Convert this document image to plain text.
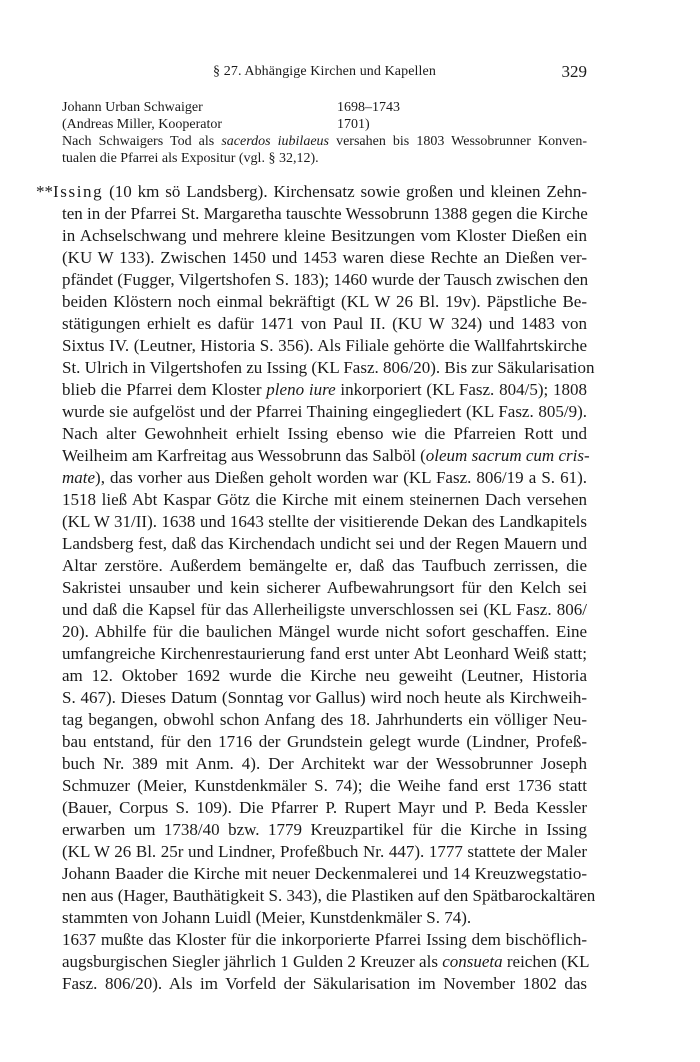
§ 27. Abhängige Kirchen und Kapellen	329
Johann Urban Schwaiger	1698–1743
(Andreas Miller, Kooperator	1701)
Nach Schwaigers Tod als sacerdos iubilaeus versahen bis 1803 Wessobrunner Konven-
tualen die Pfarrei als Expositur (vgl. § 32,12).
**Issing (10 km sö Landsberg). Kirchensatz sowie großen und kleinen Zehn-
ten in der Pfarrei St. Margaretha tauschte Wessobrunn 1388 gegen die Kirche
in Achselschwang und mehrere kleine Besitzungen vom Kloster Dießen ein
(KU W 133). Zwischen 1450 und 1453 waren diese Rechte an Dießen ver-
pfändet (Fugger, Vilgertshofen S. 183); 1460 wurde der Tausch zwischen den
beiden Klöstern noch einmal bekräftigt (KL W 26 Bl. 19v). Päpstliche Be-
stätigungen erhielt es dafür 1471 von Paul II. (KU W 324) und 1483 von
Sixtus IV. (Leutner, Historia S. 356). Als Filiale gehörte die Wallfahrtskirche
St. Ulrich in Vilgertshofen zu Issing (KL Fasz. 806/20). Bis zur Säkularisation
blieb die Pfarrei dem Kloster pleno iure inkorporiert (KL Fasz. 804/5); 1808
wurde sie aufgelöst und der Pfarrei Thaining eingegliedert (KL Fasz. 805/9).
Nach alter Gewohnheit erhielt Issing ebenso wie die Pfarreien Rott und
Weilheim am Karfreitag aus Wessobrunn das Salböl (oleum sacrum cum cris-
mate), das vorher aus Dießen geholt worden war (KL Fasz. 806/19 a S. 61).
1518 ließ Abt Kaspar Götz die Kirche mit einem steinernen Dach versehen
(KL W 31/II). 1638 und 1643 stellte der visitierende Dekan des Landkapitels
Landsberg fest, daß das Kirchendach undicht sei und der Regen Mauern und
Altar zerstöre. Außerdem bemängelte er, daß das Taufbuch zerrissen, die
Sakristei unsauber und kein sicherer Aufbewahrungsort für den Kelch sei
und daß die Kapsel für das Allerheiligste unverschlossen sei (KL Fasz. 806/
20). Abhilfe für die baulichen Mängel wurde nicht sofort geschaffen. Eine
umfangreiche Kirchenrestaurierung fand erst unter Abt Leonhard Weiß statt;
am 12. Oktober 1692 wurde die Kirche neu geweiht (Leutner, Historia
S. 467). Dieses Datum (Sonntag vor Gallus) wird noch heute als Kirchweih-
tag begangen, obwohl schon Anfang des 18. Jahrhunderts ein völliger Neu-
bau entstand, für den 1716 der Grundstein gelegt wurde (Lindner, Profeß-
buch Nr. 389 mit Anm. 4). Der Architekt war der Wessobrunner Joseph
Schmuzer (Meier, Kunstdenkmäler S. 74); die Weihe fand erst 1736 statt
(Bauer, Corpus S. 109). Die Pfarrer P. Rupert Mayr und P. Beda Kessler
erwarben um 1738/40 bzw. 1779 Kreuzpartikel für die Kirche in Issing
(KL W 26 Bl. 25r und Lindner, Profeßbuch Nr. 447). 1777 stattete der Maler
Johann Baader die Kirche mit neuer Deckenmalerei und 14 Kreuzwegstatio-
nen aus (Hager, Bauthätigkeit S. 343), die Plastiken auf den Spätbarockaltären
stammten von Johann Luidl (Meier, Kunstdenkmäler S. 74).
1637 mußte das Kloster für die inkorporierte Pfarrei Issing dem bischöflich-
augsburgischen Siegler jährlich 1 Gulden 2 Kreuzer als consueta reichen (KL
Fasz. 806/20). Als im Vorfeld der Säkularisation im November 1802 das
